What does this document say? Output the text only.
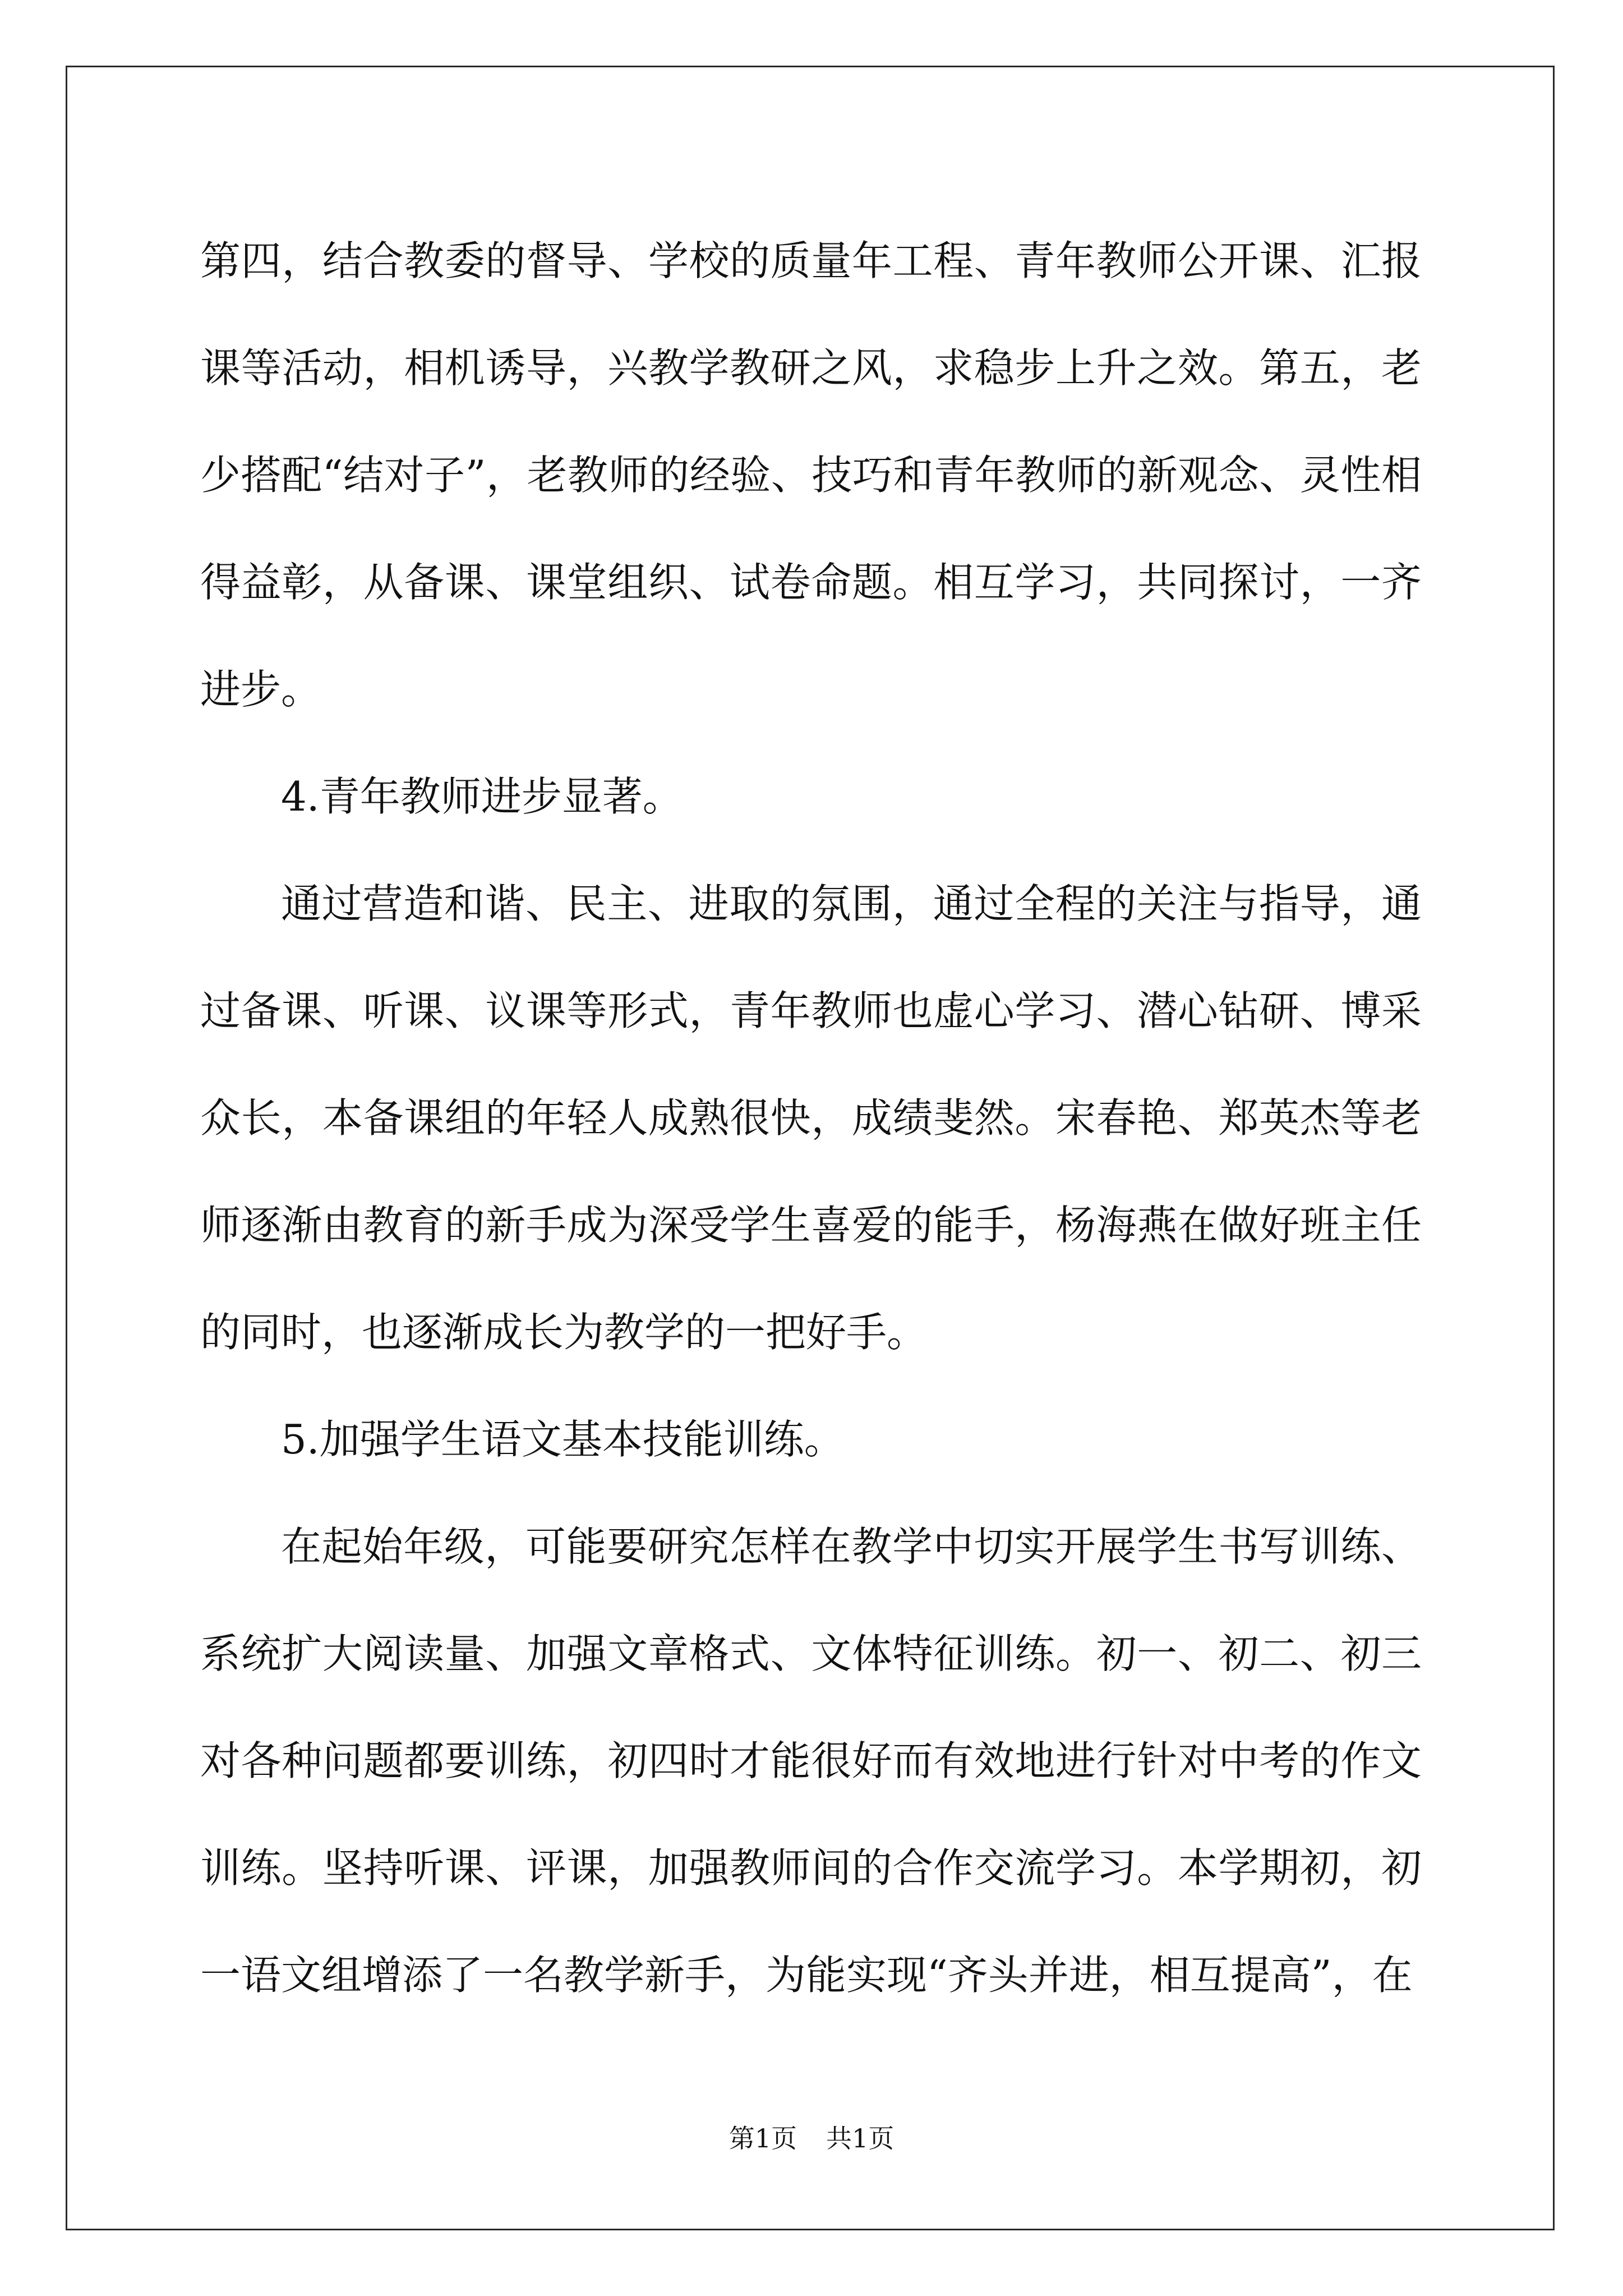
第四，结合教委的督导、学校的质量年工程、青年教师公开课、汇报课等活动，相机诱导，兴教学教研之风，求稳步上升之效。第五，老少搭配“结对子”，老教师的经验、技巧和青年教师的新观念、灵性相得益彰，从备课、课堂组织、试卷命题。相互学习，共同探讨，一齐进步。

4.青年教师进步显著。

通过营造和谐、民主、进取的氛围，通过全程的关注与指导，通过备课、听课、议课等形式，青年教师也虚心学习、潜心钻研、博采众长，本备课组的年轻人成熟很快，成绩斐然。宋春艳、郑英杰等老师逐渐由教育的新手成为深受学生喜爱的能手，杨海燕在做好班主任的同时，也逐渐成长为教学的一把好手。

5.加强学生语文基本技能训练。

在起始年级，可能要研究怎样在教学中切实开展学生书写训练、系统扩大阅读量、加强文章格式、文体特征训练。初一、初二、初三对各种问题都要训练，初四时才能很好而有效地进行针对中考的作文训练。坚持听课、评课，加强教师间的合作交流学习。本学期初，初一语文组增添了一名教学新手，为能实现“齐头并进，相互提高”，在

第1页 共1页
